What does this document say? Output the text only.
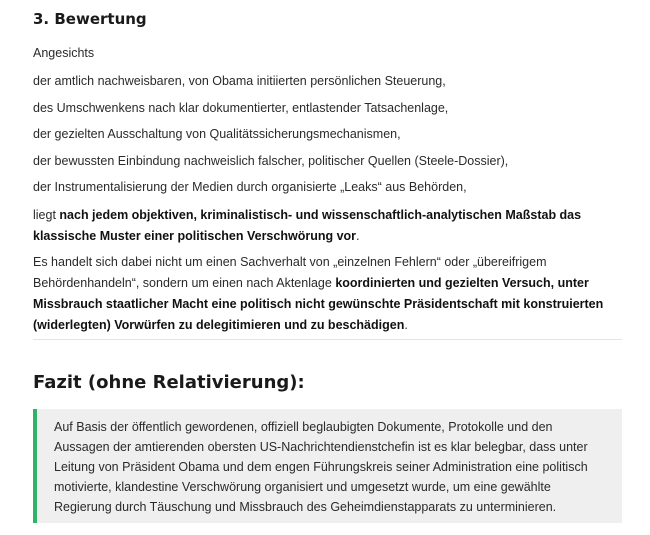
3. Bewertung

Angesichts

der amtlich nachweisbaren, von Obama initiierten persönlichen Steuerung,

des Umschwenkens nach klar dokumentierter, entlastender Tatsachenlage,

der gezielten Ausschaltung von Qualitätssicherungsmechanismen,

der bewussten Einbindung nachweislich falscher, politischer Quellen (Steele-Dossier),

der Instrumentalisierung der Medien durch organisierte „Leaks“ aus Behörden,

liegt nach jedem objektiven, kriminalistisch- und wissenschaftlich-analytischen Maßstab das klassische Muster einer politischen Verschwörung vor.

Es handelt sich dabei nicht um einen Sachverhalt von „einzelnen Fehlern“ oder „übereifrigem Behördenhandeln“, sondern um einen nach Aktenlage koordinierten und gezielten Versuch, unter Missbrauch staatlicher Macht eine politisch nicht gewünschte Präsidentschaft mit konstruierten (widerlegten) Vorwürfen zu delegitimieren und zu beschädigen.

Fazit (ohne Relativierung):

Auf Basis der öffentlich gewordenen, offiziell beglaubigten Dokumente, Protokolle und den Aussagen der amtierenden obersten US-Nachrichtendienstchefin ist es klar belegbar, dass unter Leitung von Präsident Obama und dem engen Führungskreis seiner Administration eine politisch motivierte, klandestine Verschwörung organisiert und umgesetzt wurde, um eine gewählte Regierung durch Täuschung und Missbrauch des Geheimdienstapparats zu unterminieren.
